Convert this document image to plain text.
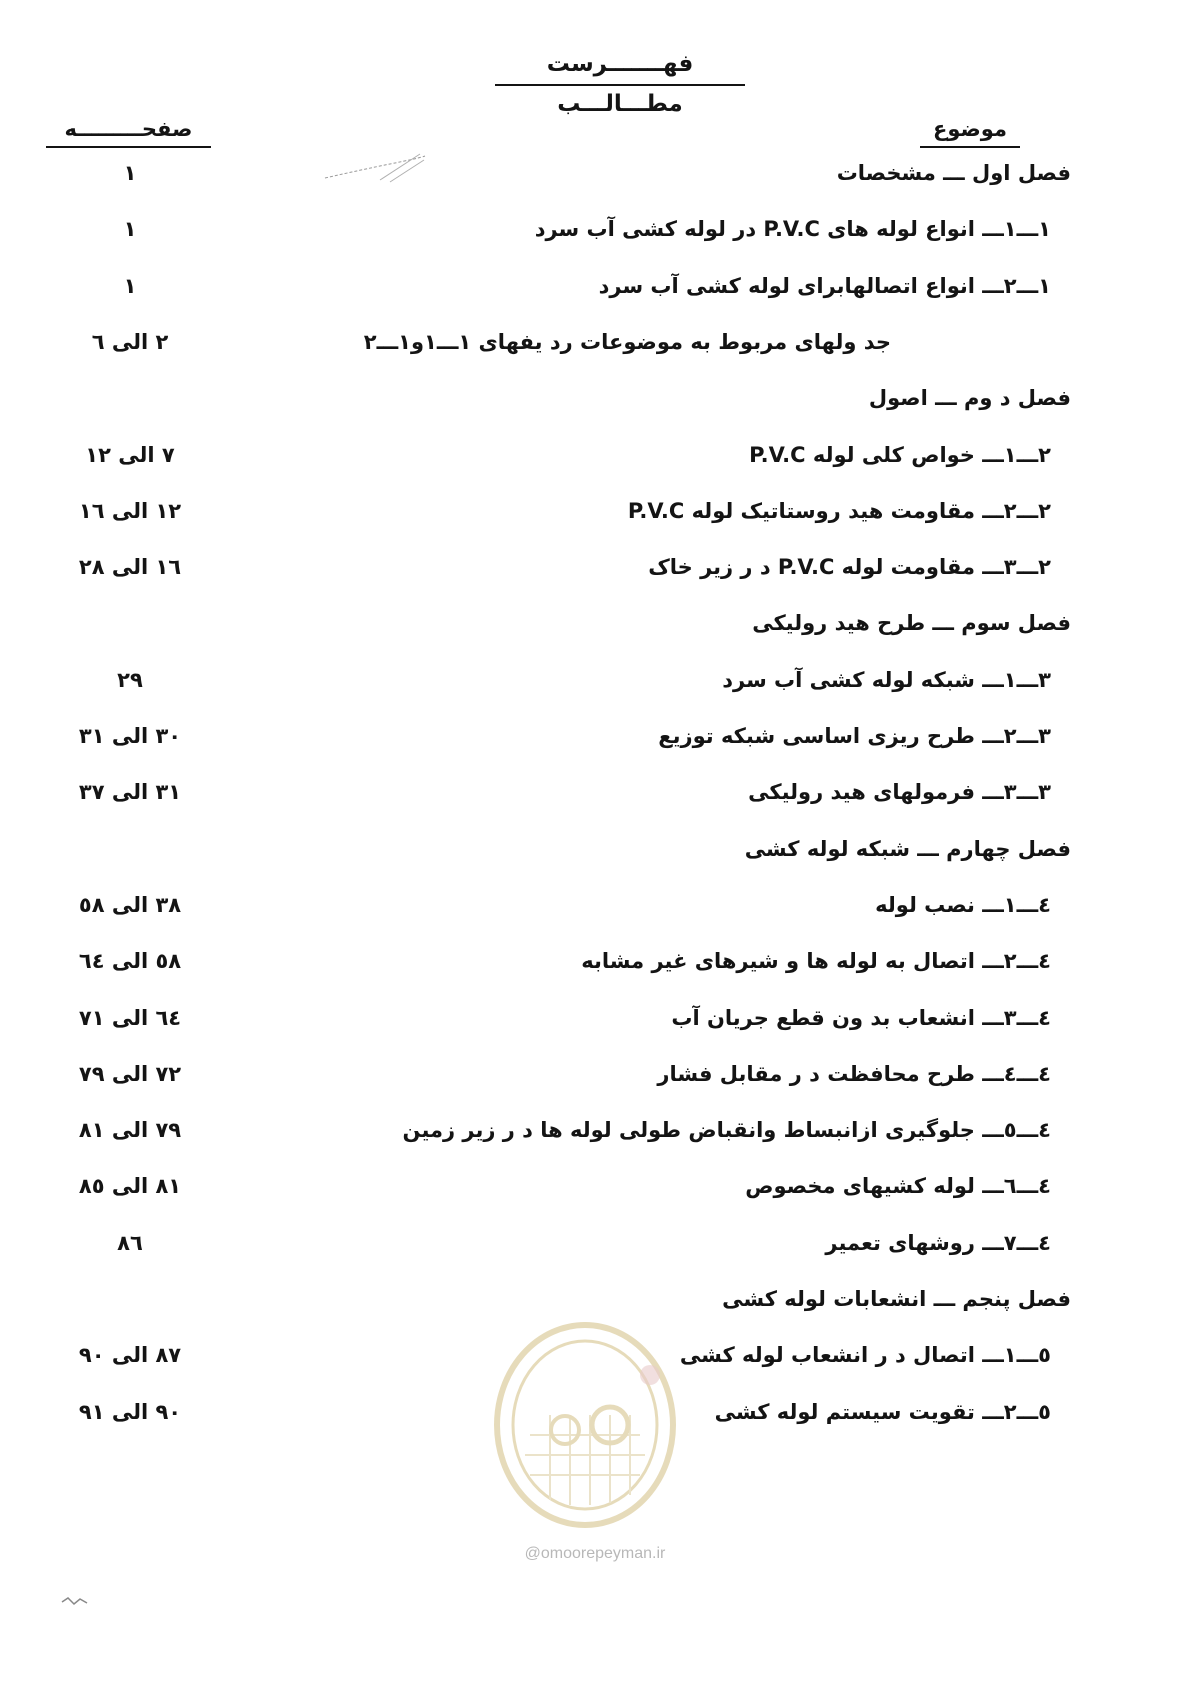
فهـــــــرست مطـــالـــب
موضوع
صفحـــــــــه
فصل اول ـــ مشخصات
١
١ـــ١ـــ انواع لوله های P.V.C در لوله کشی آب سرد
١
١ـــ٢ـــ انواع اتصالهابرای لوله کشی آب سرد
١
جد ولهای مربوط به موضوعات رد یفهای ١ـــ١و١ـــ٢
٢ الی ٦
فصل د وم ـــ اصول
٢ـــ١ـــ خواص کلی لوله P.V.C
٧ الی ١٢
٢ـــ٢ـــ مقاومت هید روستاتیک لوله P.V.C
١٢ الی ١٦
٢ـــ٣ـــ مقاومت لوله P.V.C د ر زیر خاک
١٦ الی ٢٨
فصل سوم ـــ طرح هید رولیکی
٣ـــ١ـــ شبکه لوله کشی آب سرد
٢٩
٣ـــ٢ـــ طرح ریزی اساسی شبکه توزیع
٣٠ الی ٣١
٣ـــ٣ـــ فرمولهای هید رولیکی
٣١ الی ٣٧
فصل چهارم ـــ شبکه لوله کشی
٤ـــ١ـــ نصب لوله
٣٨ الی ٥٨
٤ـــ٢ـــ اتصال به لوله ها و شیرهای غیر مشابه
٥٨ الی ٦٤
٤ـــ٣ـــ انشعاب بد ون قطع جریان آب
٦٤ الی ٧١
٤ـــ٤ـــ طرح محافظت د ر مقابل فشار
٧٢ الی ٧٩
٤ـــ٥ـــ جلوگیری ازانبساط وانقباض طولی لوله ها د ر زیر زمین
٧٩ الی ٨١
٤ـــ٦ـــ لوله کشیهای مخصوص
٨١ الی ٨٥
٤ـــ٧ـــ روشهای تعمیر
٨٦
فصل پنجم ـــ انشعابات لوله کشی
٥ـــ١ـــ اتصال د ر انشعاب لوله کشی
٨٧ الی ٩٠
٥ـــ٢ـــ تقویت سیستم لوله کشی
٩٠ الی ٩١
@omoorepeyman.ir
